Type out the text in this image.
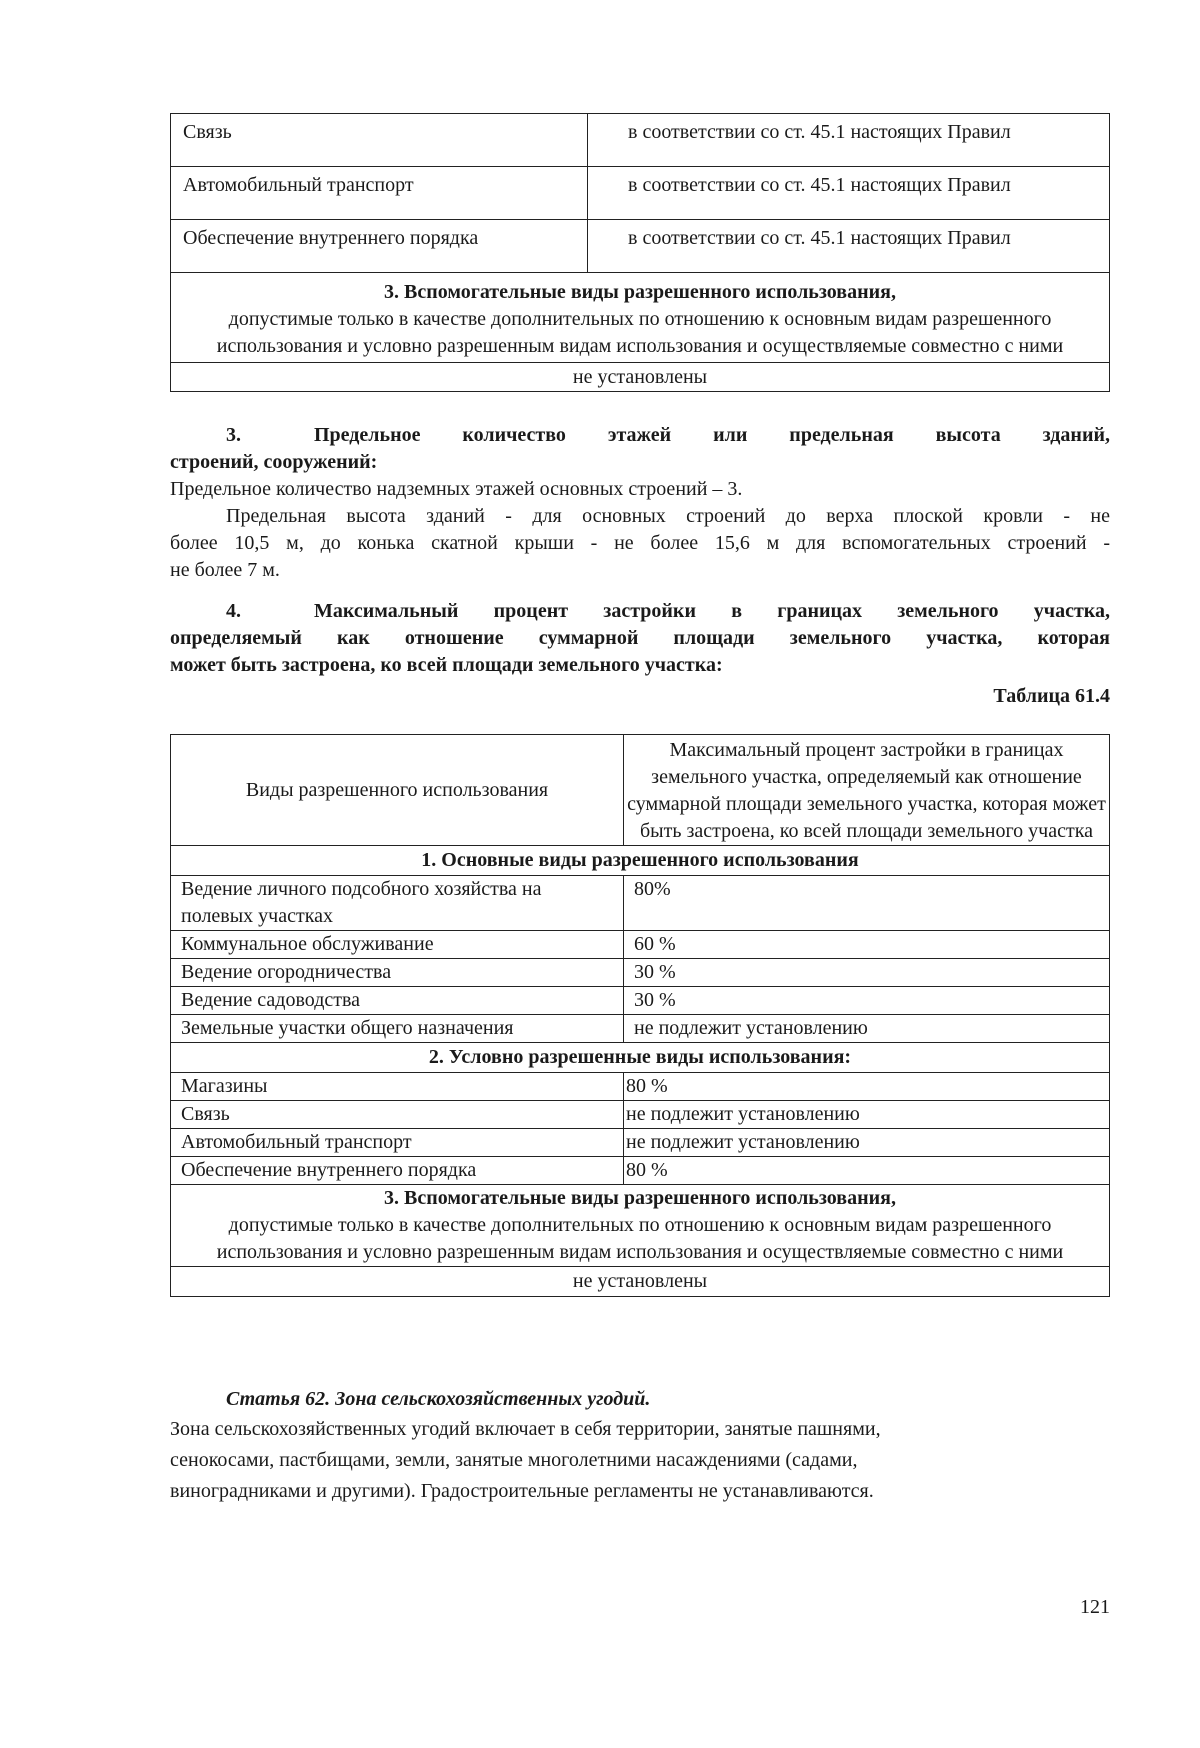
Связь	в соответствии со ст. 45.1 настоящих Правил
Автомобильный транспорт	в соответствии со ст. 45.1 настоящих Правил
Обеспечение внутреннего порядка	в соответствии со ст. 45.1 настоящих Правил
3. Вспомогательные виды разрешенного использования,
допустимые только в качестве дополнительных по отношению к основным видам разрешенного использования и условно разрешенным видам использования и осуществляемые совместно с ними	

не установлены	
3.	Предельное количество этажей или предельная высота зданий,
строений, сооружений:
Предельное количество надземных этажей основных строений – 3.
Предельная высота зданий - для основных строений до верха плоской кровли - не
более 10,5 м, до конька скатной крыши - не более 15,6 м для вспомогательных строений -
не более 7 м.
4.	Максимальный процент застройки в границах земельного участка,
определяемый как отношение суммарной площади земельного участка, которая
может быть застроена, ко всей площади земельного участка:
Таблица 61.4
Виды разрешенного использования	Максимальный процент застройки в границах земельного участка, определяемый как отношение суммарной площади земельного участка, которая может быть застроена, ко всей площади земельного участка
1. Основные виды разрешенного использования	
Ведение личного подсобного хозяйства на полевых участках	80%
Коммунальное обслуживание	60 %
Ведение огородничества	30 %
Ведение садоводства	30 %
Земельные участки общего назначения	не подлежит установлению
2. Условно разрешенные виды использования:	
Магазины	80 %
Связь	не подлежит установлению
Автомобильный транспорт	не подлежит установлению
Обеспечение внутреннего порядка	80 %
3. Вспомогательные виды разрешенного использования,
допустимые только в качестве дополнительных по отношению к основным видам разрешенного использования и условно разрешенным видам использования и осуществляемые совместно с ними	

не установлены	
Статья 62. Зона сельскохозяйственных угодий.
Зона сельскохозяйственных угодий включает в себя территории, занятые пашнями,
сенокосами, пастбищами, земли, занятые многолетними насаждениями (садами,
виноградниками и другими). Градостроительные регламенты не устанавливаются.
121
